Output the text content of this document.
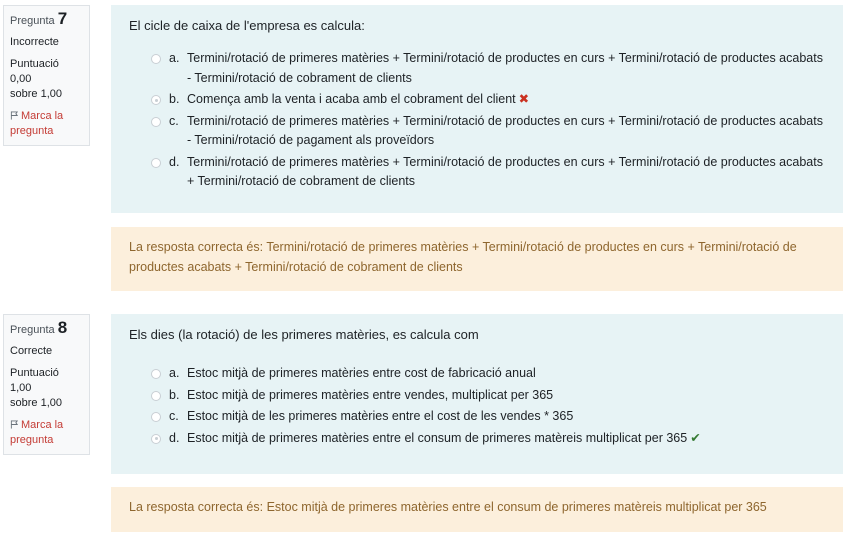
Pregunta 7
Incorrecte
Puntuació 0,00
sobre 1,00
Marca la pregunta
El cicle de caixa de l'empresa es calcula:
a. Termini/rotació de primeres matèries + Termini/rotació de productes en curs + Termini/rotació de productes acabats - Termini/rotació de cobrament de clients
b. Comença amb la venta i acaba amb el cobrament del client ✖
c. Termini/rotació de primeres matèries + Termini/rotació de productes en curs + Termini/rotació de productes acabats - Termini/rotació de pagament als proveïdors
d. Termini/rotació de primeres matèries + Termini/rotació de productes en curs + Termini/rotació de productes acabats + Termini/rotació de cobrament de clients
La resposta correcta és: Termini/rotació de primeres matèries + Termini/rotació de productes en curs + Termini/rotació de productes acabats + Termini/rotació de cobrament de clients
Pregunta 8
Correcte
Puntuació 1,00
sobre 1,00
Marca la pregunta
Els dies (la rotació) de les primeres matèries, es calcula com
a. Estoc mitjà de primeres matèries entre cost de fabricació anual
b. Estoc mitjà de primeres matèries entre vendes, multiplicat per 365
c. Estoc mitjà de les primeres matèries entre el cost de les vendes * 365
d. Estoc mitjà de primeres matèries entre el consum de primeres matèreis multiplicat per 365 ✔
La resposta correcta és: Estoc mitjà de primeres matèries entre el consum de primeres matèreis multiplicat per 365
